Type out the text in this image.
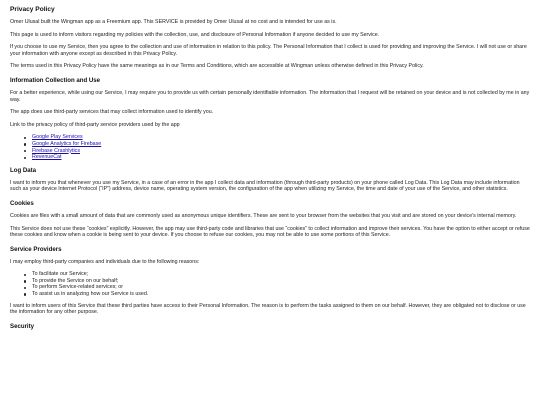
Privacy Policy

Omer Ulusal built the Wingman app as a Freemium app. This SERVICE is provided by Omer Ulusal at no cost and is intended for use as is.

This page is used to inform visitors regarding my policies with the collection, use, and disclosure of Personal Information if anyone decided to use my Service.

If you choose to use my Service, then you agree to the collection and use of information in relation to this policy. The Personal Information that I collect is used for providing and improving the Service. I will not use or share your information with anyone except as described in this Privacy Policy.

The terms used in this Privacy Policy have the same meanings as in our Terms and Conditions, which are accessible at Wingman unless otherwise defined in this Privacy Policy.

Information Collection and Use

For a better experience, while using our Service, I may require you to provide us with certain personally identifiable information. The information that I request will be retained on your device and is not collected by me in any way.

The app does use third-party services that may collect information used to identify you.

Link to the privacy policy of third-party service providers used by the app

Google Play Services
Google Analytics for Firebase
Firebase Crashlytics
RevenueCat
Log Data

I want to inform you that whenever you use my Service, in a case of an error in the app I collect data and information (through third-party products) on your phone called Log Data. This Log Data may include information such as your device Internet Protocol (“IP”) address, device name, operating system version, the configuration of the app when utilizing my Service, the time and date of your use of the Service, and other statistics.

Cookies

Cookies are files with a small amount of data that are commonly used as anonymous unique identifiers. These are sent to your browser from the websites that you visit and are stored on your device's internal memory.

This Service does not use these “cookies” explicitly. However, the app may use third-party code and libraries that use “cookies” to collect information and improve their services. You have the option to either accept or refuse these cookies and know when a cookie is being sent to your device. If you choose to refuse our cookies, you may not be able to use some portions of this Service.

Service Providers

I may employ third-party companies and individuals due to the following reasons:

To facilitate our Service;
To provide the Service on our behalf;
To perform Service-related services; or
To assist us in analyzing how our Service is used.

I want to inform users of this Service that these third parties have access to their Personal Information. The reason is to perform the tasks assigned to them on our behalf. However, they are obligated not to disclose or use the information for any other purpose.

Security
